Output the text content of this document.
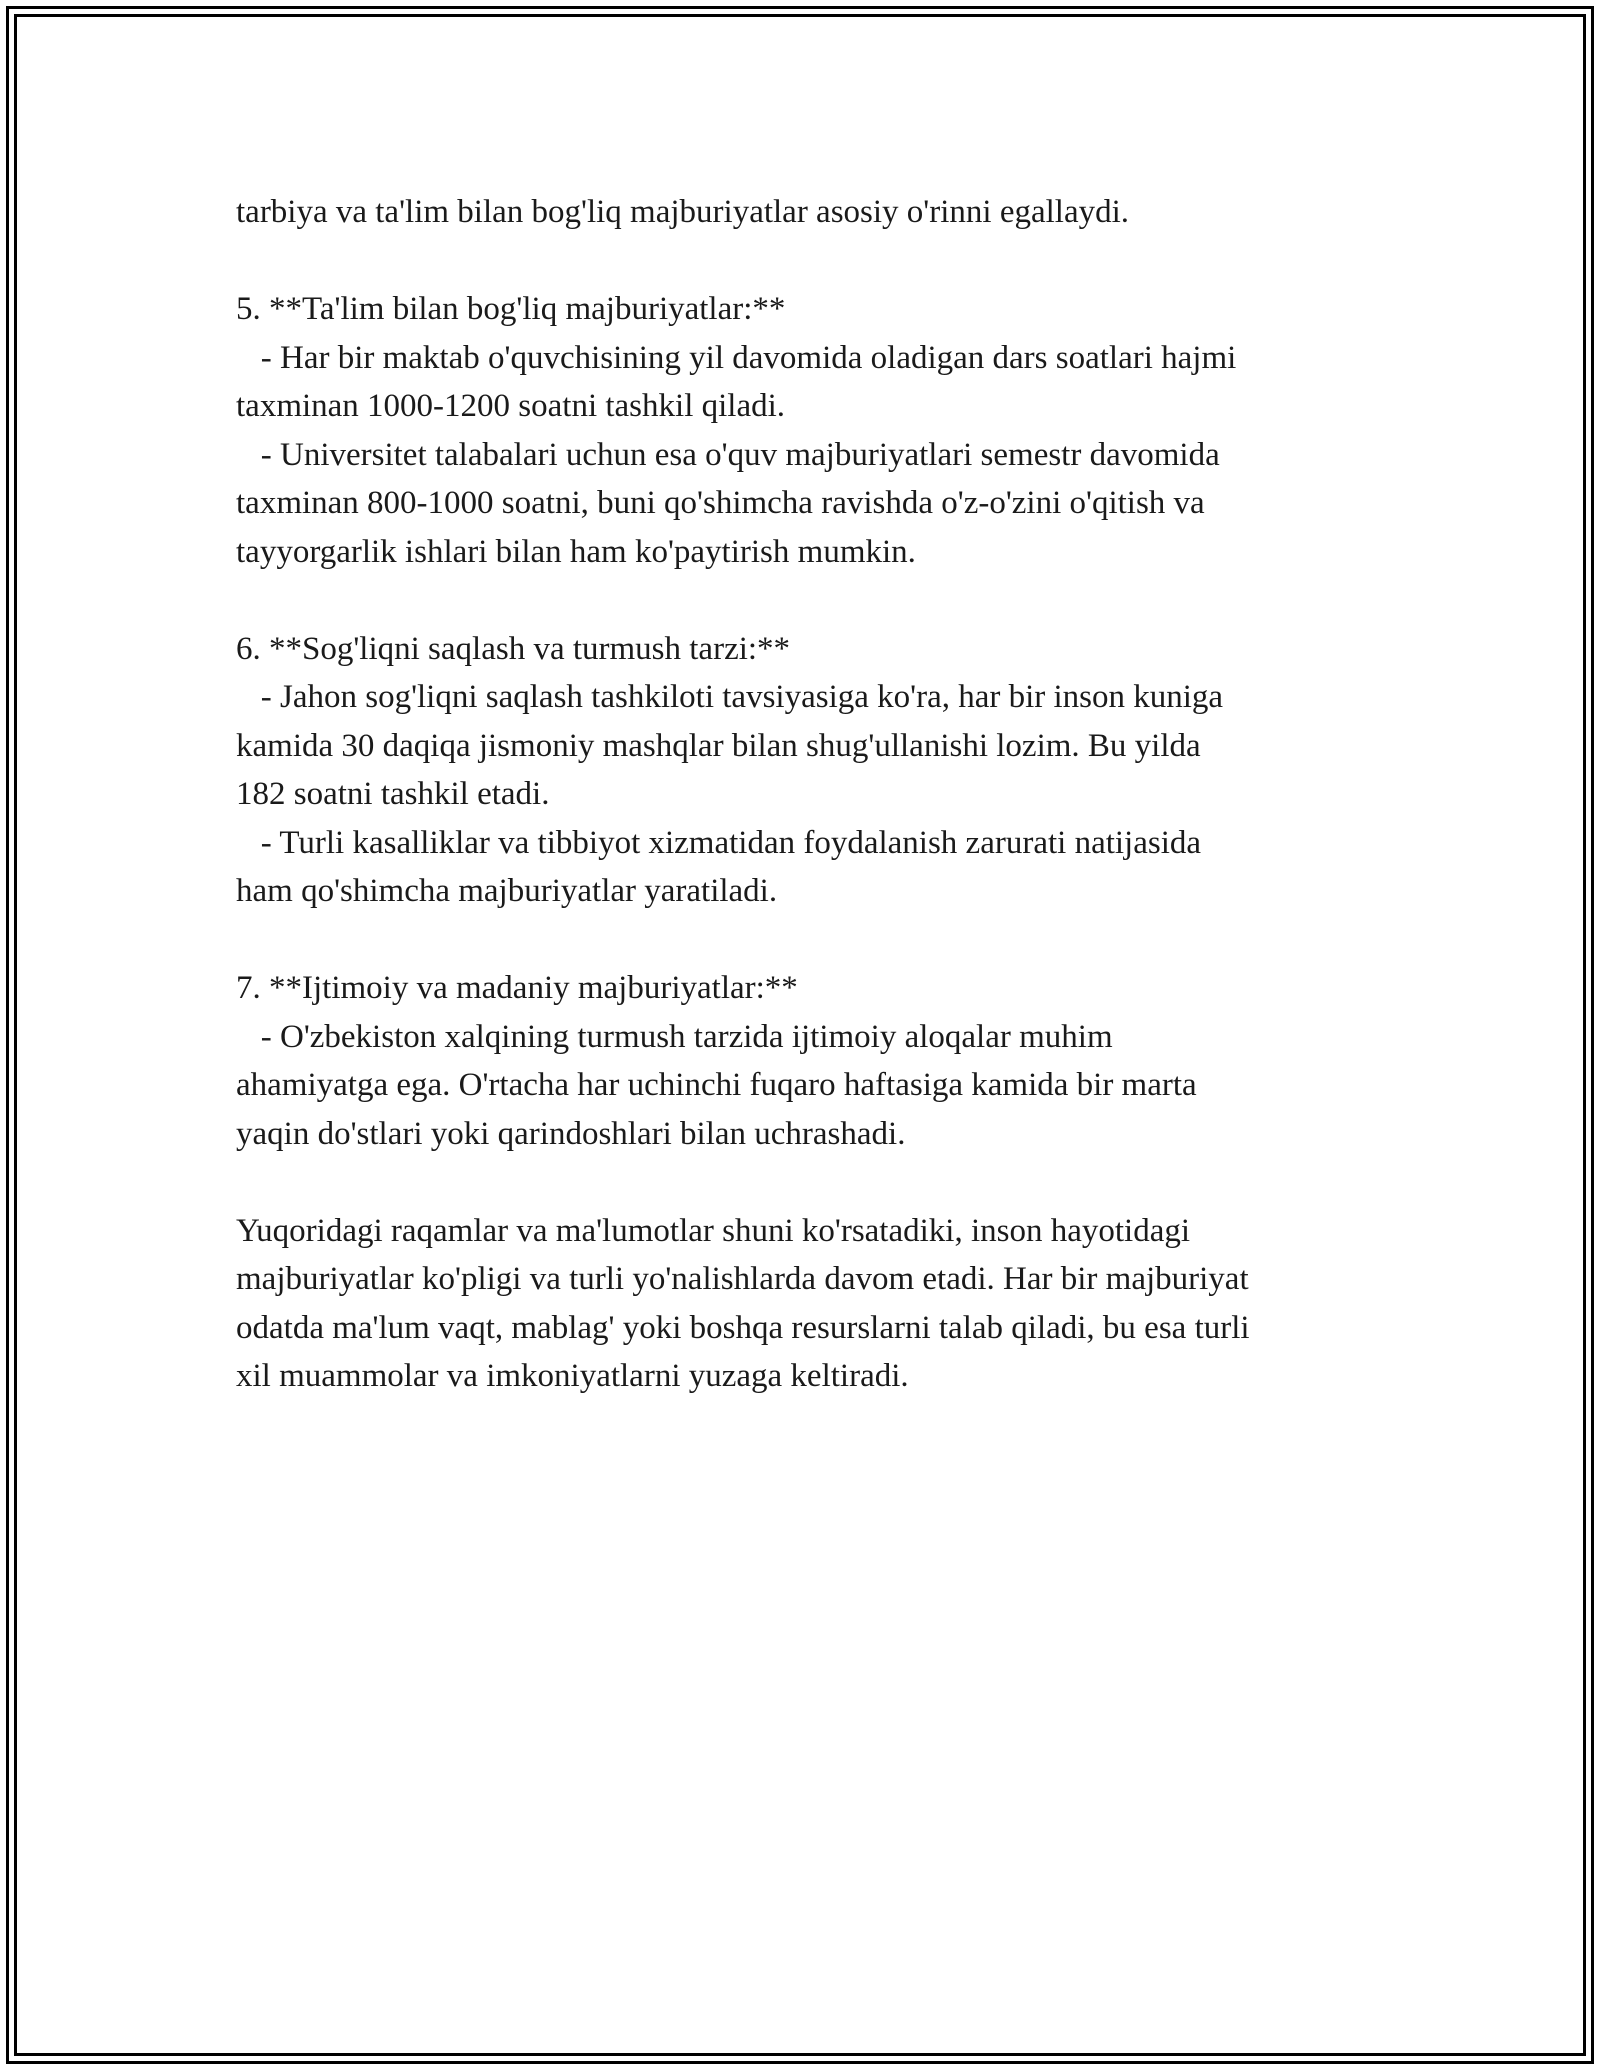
tarbiya va ta'lim bilan bog'liq majburiyatlar asosiy o'rinni egallaydi.

5. **Ta'lim bilan bog'liq majburiyatlar:**

- Har bir maktab o'quvchisining yil davomida oladigan dars soatlari hajmi

taxminan 1000-1200 soatni tashkil qiladi.

- Universitet talabalari uchun esa o'quv majburiyatlari semestr davomida

taxminan 800-1000 soatni, buni qo'shimcha ravishda o'z-o'zini o'qitish va

tayyorgarlik ishlari bilan ham ko'paytirish mumkin.

6. **Sog'liqni saqlash va turmush tarzi:**

- Jahon sog'liqni saqlash tashkiloti tavsiyasiga ko'ra, har bir inson kuniga

kamida 30 daqiqa jismoniy mashqlar bilan shug'ullanishi lozim. Bu yilda

182 soatni tashkil etadi.

- Turli kasalliklar va tibbiyot xizmatidan foydalanish zarurati natijasida

ham qo'shimcha majburiyatlar yaratiladi.

7. **Ijtimoiy va madaniy majburiyatlar:**

- O'zbekiston xalqining turmush tarzida ijtimoiy aloqalar muhim

ahamiyatga ega. O'rtacha har uchinchi fuqaro haftasiga kamida bir marta

yaqin do'stlari yoki qarindoshlari bilan uchrashadi.

Yuqoridagi raqamlar va ma'lumotlar shuni ko'rsatadiki, inson hayotidagi

majburiyatlar ko'pligi va turli yo'nalishlarda davom etadi. Har bir majburiyat

odatda ma'lum vaqt, mablag' yoki boshqa resurslarni talab qiladi, bu esa turli

xil muammolar va imkoniyatlarni yuzaga keltiradi.
